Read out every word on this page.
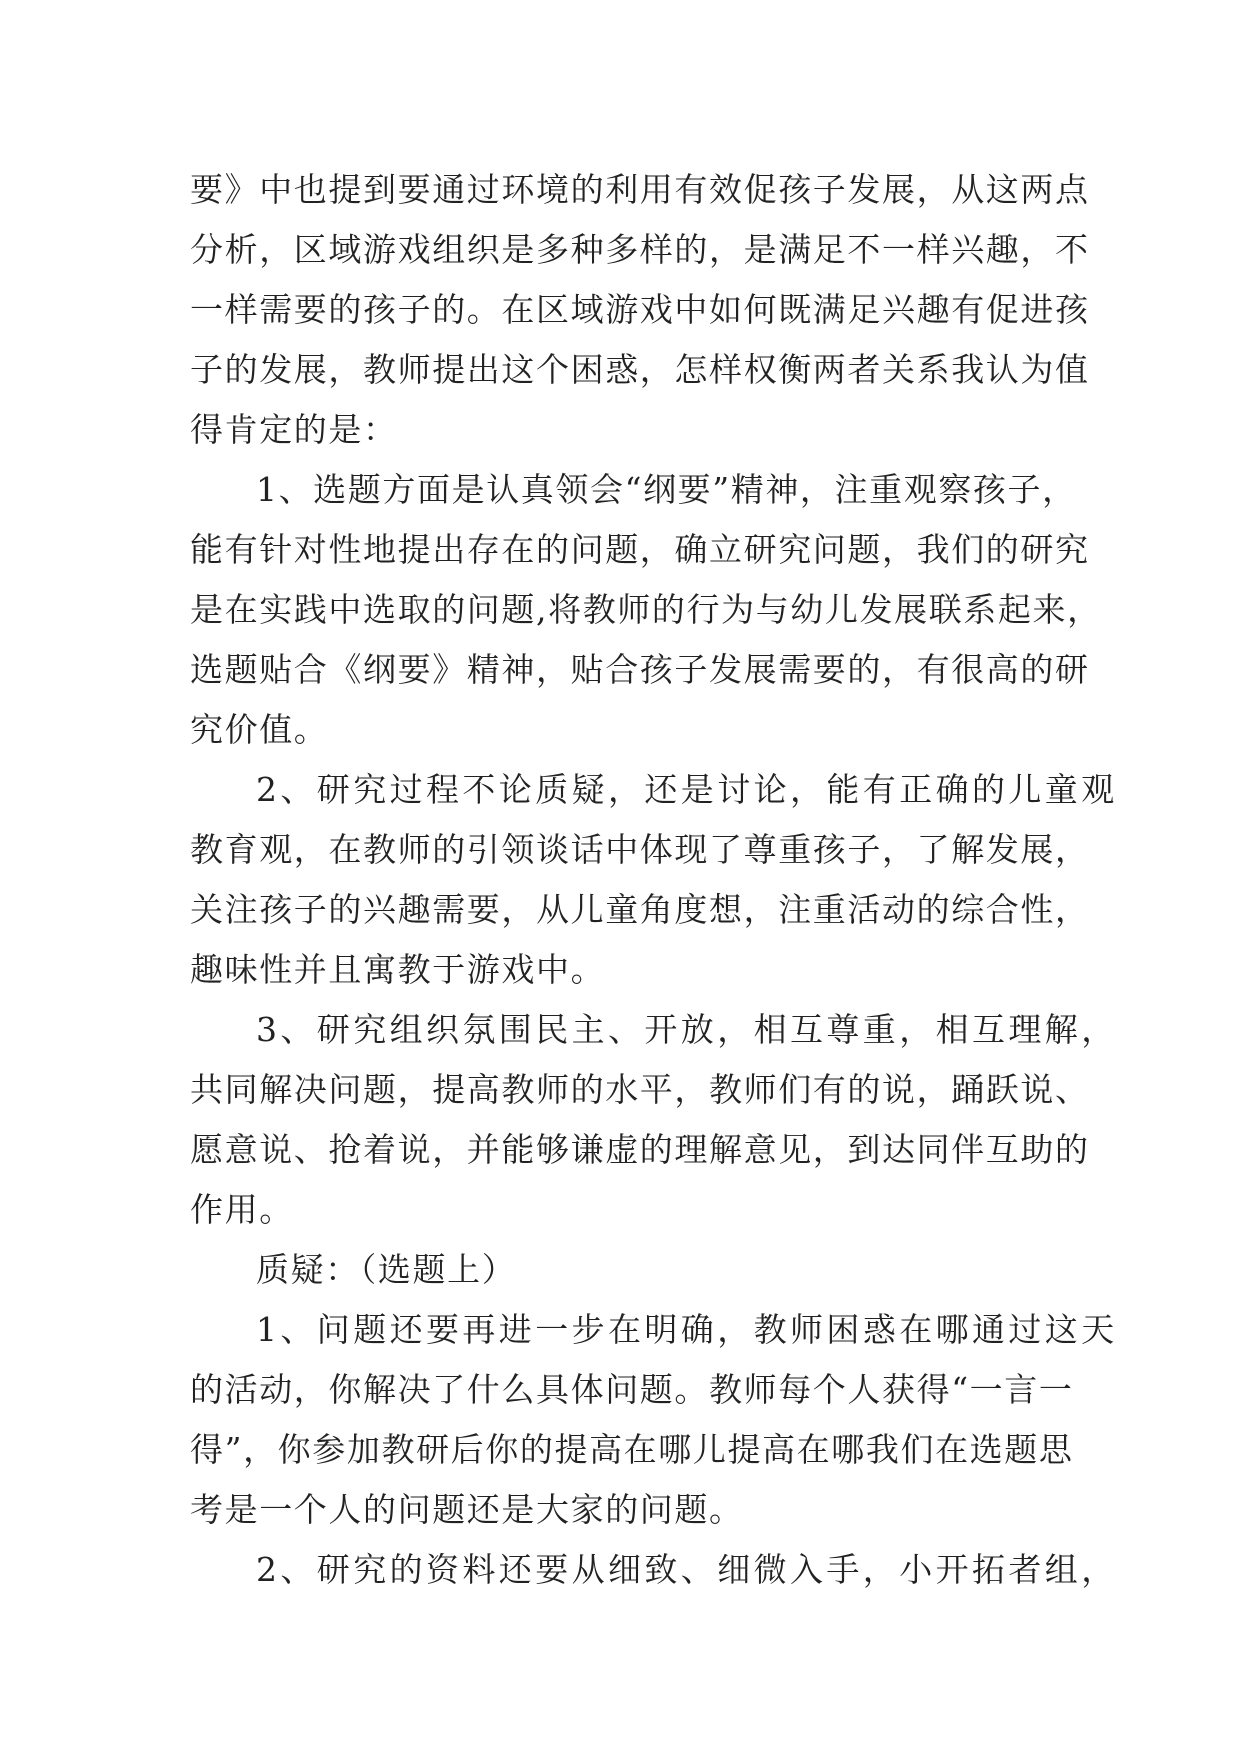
要》中也提到要通过环境的利用有效促孩子发展，从这两点
分析，区域游戏组织是多种多样的，是满足不一样兴趣，不
一样需要的孩子的。在区域游戏中如何既满足兴趣有促进孩
子的发展，教师提出这个困惑，怎样权衡两者关系我认为值
得肯定的是：
1、选题方面是认真领会“纲要”精神，注重观察孩子，
能有针对性地提出存在的问题，确立研究问题，我们的研究
是在实践中选取的问题,将教师的行为与幼儿发展联系起来，
选题贴合《纲要》精神，贴合孩子发展需要的，有很高的研
究价值。
2、研究过程不论质疑，还是讨论，能有正确的儿童观
教育观，在教师的引领谈话中体现了尊重孩子，了解发展，
关注孩子的兴趣需要，从儿童角度想，注重活动的综合性，
趣味性并且寓教于游戏中。
3、研究组织氛围民主、开放，相互尊重，相互理解，
共同解决问题，提高教师的水平，教师们有的说，踊跃说、
愿意说、抢着说，并能够谦虚的理解意见，到达同伴互助的
作用。
质疑：（选题上）
1、问题还要再进一步在明确，教师困惑在哪通过这天
的活动，你解决了什么具体问题。教师每个人获得“一言一
得”，你参加教研后你的提高在哪儿提高在哪我们在选题思
考是一个人的问题还是大家的问题。
2、研究的资料还要从细致、细微入手，小开拓者组，
